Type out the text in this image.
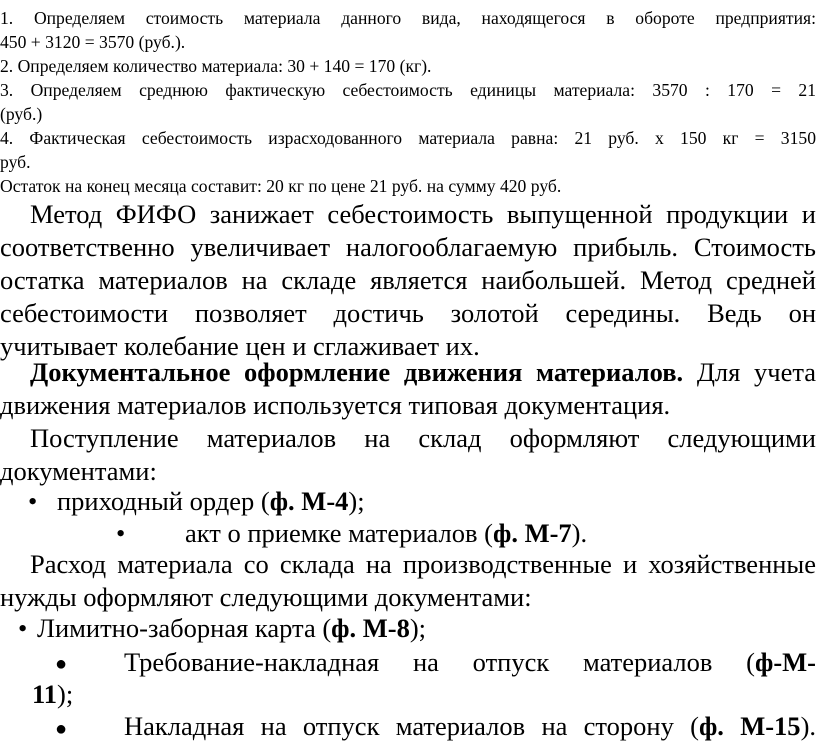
1. Определяем стоимость материала данного вида, находящегося в обороте предприятия:
450 + 3120 = 3570 (руб.).
2. Определяем количество материала: 30 + 140 = 170 (кг).
3. Определяем среднюю фактическую себестоимость единицы материала: 3570 : 170 = 21
(руб.)
4. Фактическая себестоимость израсходованного материала равна: 21 руб. х 150 кг = 3150
руб.
Остаток на конец месяца составит: 20 кг по цене 21 руб. на сумму 420 руб.
Метод ФИФО занижает себестоимость выпущенной продукции и
соответственно увеличивает налогооблагаемую прибыль. Стоимость
остатка материалов на складе является наибольшей. Метод средней
себестоимости позволяет достичь золотой середины. Ведь он
учитывает колебание цен и сглаживает их.
Документальное оформление движения материалов. Для учета
движения материалов используется типовая документация.
Поступление материалов на склад оформляют следующими
документами:
• приходный ордер (ф. М-4);
• акт о приемке материалов (ф. М-7).
Расход материала со склада на производственные и хозяйственные
нужды оформляют следующими документами:
• Лимитно-заборная карта (ф. М-8);
● Требование-накладная на отпуск материалов (ф-М-
11);
● Накладная на отпуск материалов на сторону (ф. М-15).
